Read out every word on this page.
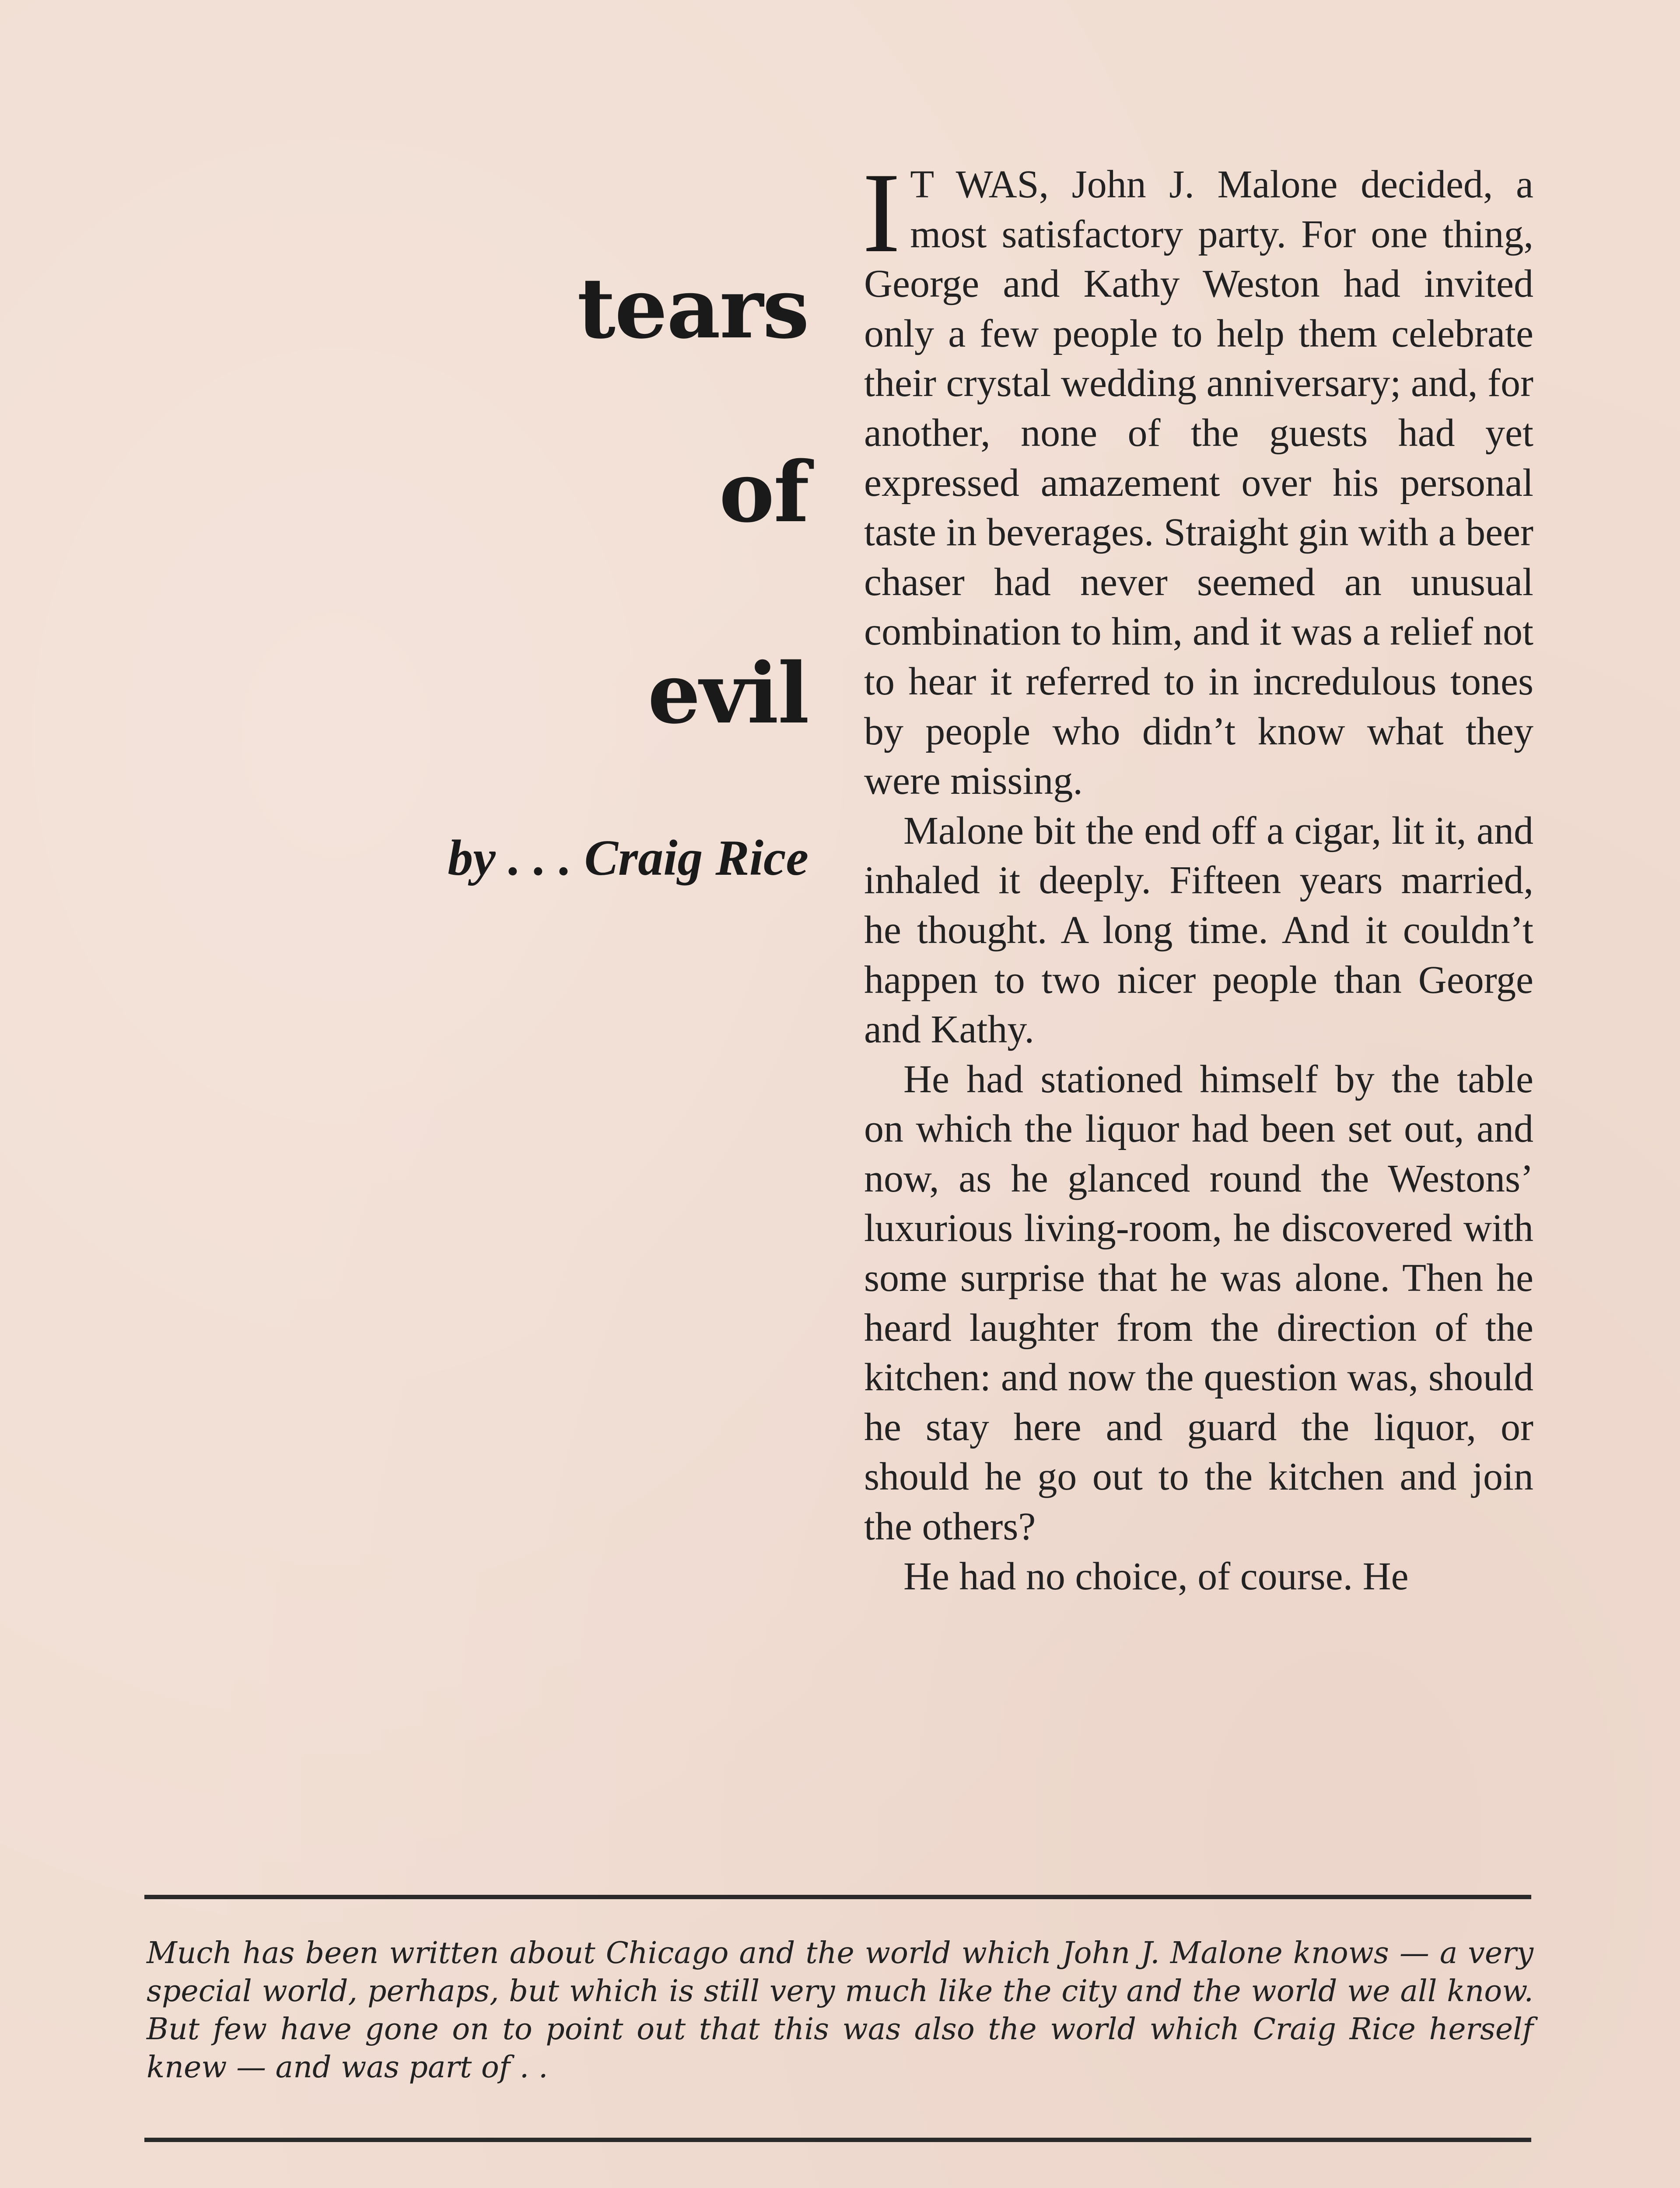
tears
of
evil

by . . . Craig Rice

I T WAS, John J. Malone decided, a most satisfactory party. For one thing, George and Kathy Weston had invited only a few people to help them celebrate their crystal wedding anniversary; and, for another, none of the guests had yet expressed amazement over his personal taste in beverages. Straight gin with a beer chaser had never seemed an unusual combination to him, and it was a relief not to hear it referred to in incredulous tones by people who didn’t know what they were missing.

Malone bit the end off a cigar, lit it, and inhaled it deeply. Fifteen years married, he thought. A long time. And it couldn’t happen to two nicer people than George and Kathy.

He had stationed himself by the table on which the liquor had been set out, and now, as he glanced round the Westons’ luxurious living-room, he discovered with some surprise that he was alone. Then he heard laughter from the direction of the kitchen: and now the question was, should he stay here and guard the liquor, or should he go out to the kitchen and join the others?

He had no choice, of course. He

Much has been written about Chicago and the world which John J. Malone knows — a very special world, perhaps, but which is still very much like the city and the world we all know. But few have gone on to point out that this was also the world which Craig Rice herself knew — and was part of . .
